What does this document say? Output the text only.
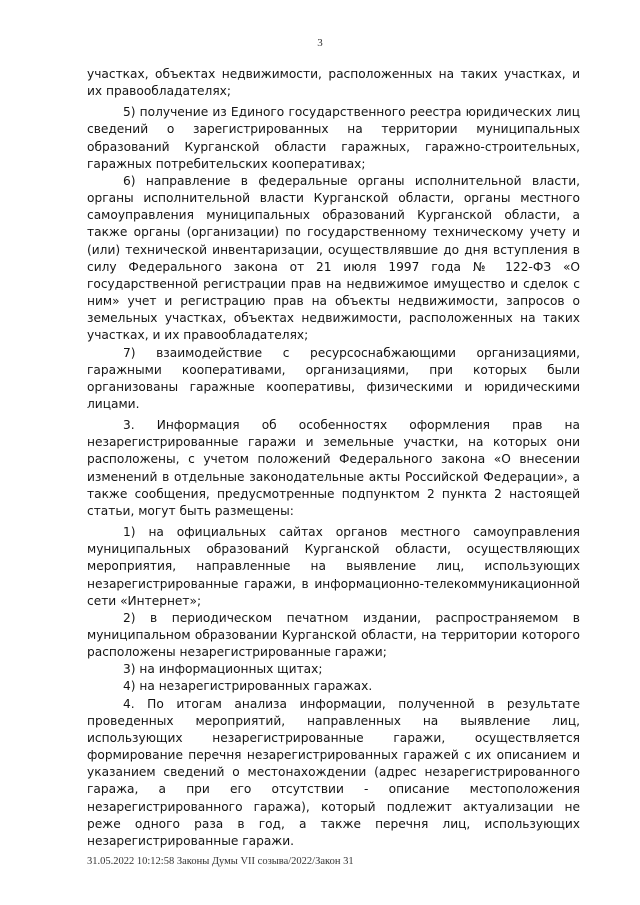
3

участках, объектах недвижимости, расположенных на таких участках, и их правообладателях;

5) получение из Единого государственного реестра юридических лиц сведений о зарегистрированных на территории муниципальных образований Курганской области гаражных, гаражно-строительных, гаражных потребительских кооперативах;

6) направление в федеральные органы исполнительной власти, органы исполнительной власти Курганской области, органы местного самоуправления муниципальных образований Курганской области, а также органы (организации) по государственному техническому учету и (или) технической инвентаризации, осуществлявшие до дня вступления в силу Федерального закона от 21 июля 1997 года № 122-ФЗ «О государственной регистрации прав на недвижимое имущество и сделок с ним» учет и регистрацию прав на объекты недвижимости, запросов о земельных участках, объектах недвижимости, расположенных на таких участках, и их правообладателях;

7) взаимодействие с ресурсоснабжающими организациями, гаражными кооперативами, организациями, при которых были организованы гаражные кооперативы, физическими и юридическими лицами.

3. Информация об особенностях оформления прав на незарегистрированные гаражи и земельные участки, на которых они расположены, с учетом положений Федерального закона «О внесении изменений в отдельные законодательные акты Российской Федерации», а также сообщения, предусмотренные подпунктом 2 пункта 2 настоящей статьи, могут быть размещены:

1) на официальных сайтах органов местного самоуправления муниципальных образований Курганской области, осуществляющих мероприятия, направленные на выявление лиц, использующих незарегистрированные гаражи, в информационно-телекоммуникационной сети «Интернет»;

2) в периодическом печатном издании, распространяемом в муниципальном образовании Курганской области, на территории которого расположены незарегистрированные гаражи;

3) на информационных щитах;

4) на незарегистрированных гаражах.

4. По итогам анализа информации, полученной в результате проведенных мероприятий, направленных на выявление лиц, использующих незарегистрированные гаражи, осуществляется формирование перечня незарегистрированных гаражей с их описанием и указанием сведений о местонахождении (адрес незарегистрированного гаража, а при его отсутствии - описание местоположения незарегистрированного гаража), который подлежит актуализации не реже одного раза в год, а также перечня лиц, использующих незарегистрированные гаражи.

31.05.2022 10:12:58 Законы Думы VII созыва/2022/Закон 31
